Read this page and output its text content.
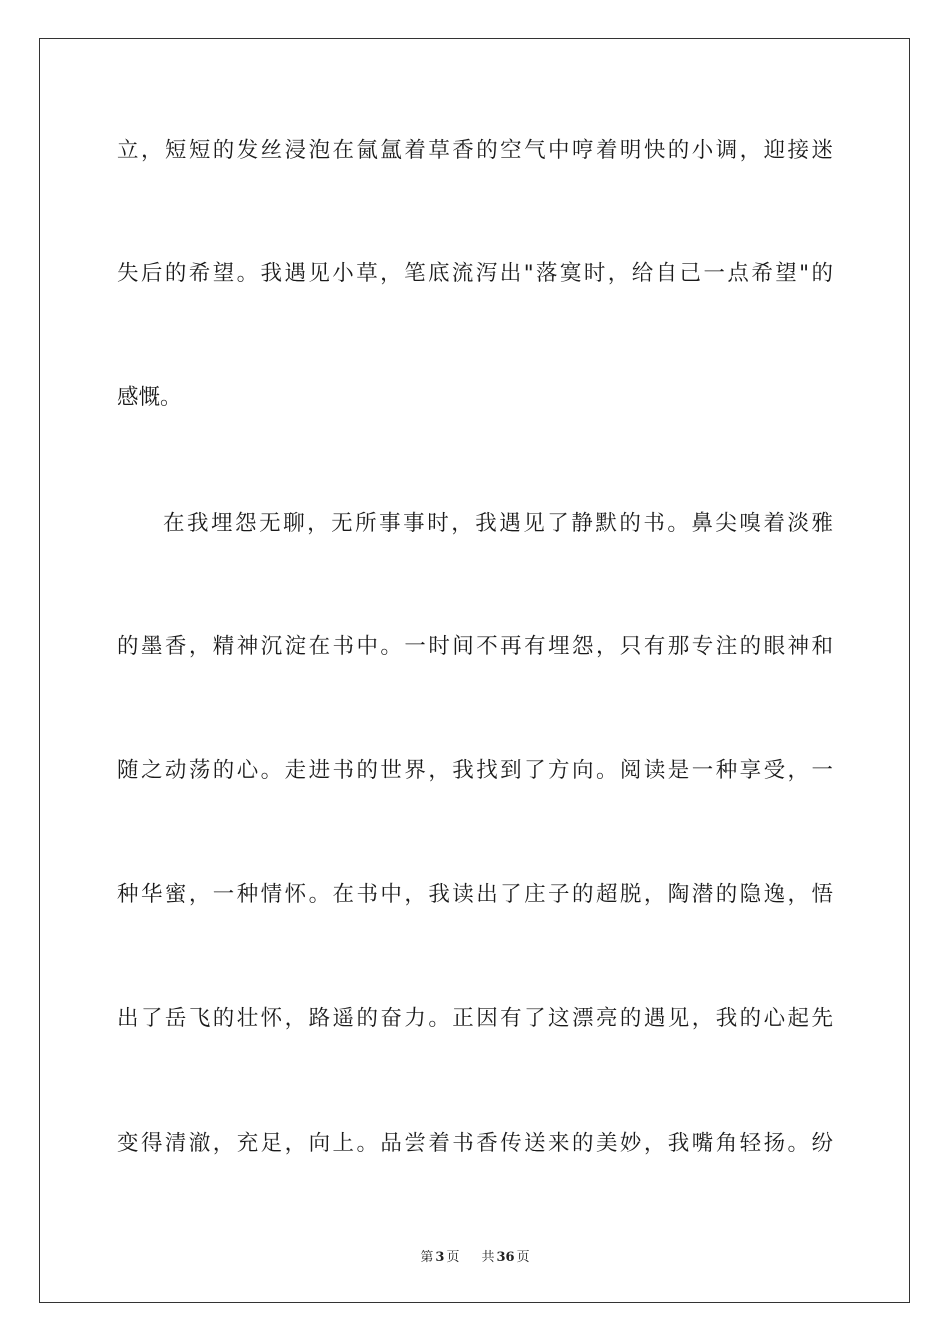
立，短短的发丝浸泡在氤氲着草香的空气中哼着明快的小调，迎接迷
失后的希望。我遇见小草，笔底流泻出"落寞时，给自己一点希望"的
感慨。
在我埋怨无聊，无所事事时，我遇见了静默的书。鼻尖嗅着淡雅
的墨香，精神沉淀在书中。一时间不再有埋怨，只有那专注的眼神和
随之动荡的心。走进书的世界，我找到了方向。阅读是一种享受，一
种华蜜，一种情怀。在书中，我读出了庄子的超脱，陶潜的隐逸，悟
出了岳飞的壮怀，路遥的奋力。正因有了这漂亮的遇见，我的心起先
变得清澈，充足，向上。品尝着书香传送来的美妙，我嘴角轻扬。纷
第 3 页 共 36 页
